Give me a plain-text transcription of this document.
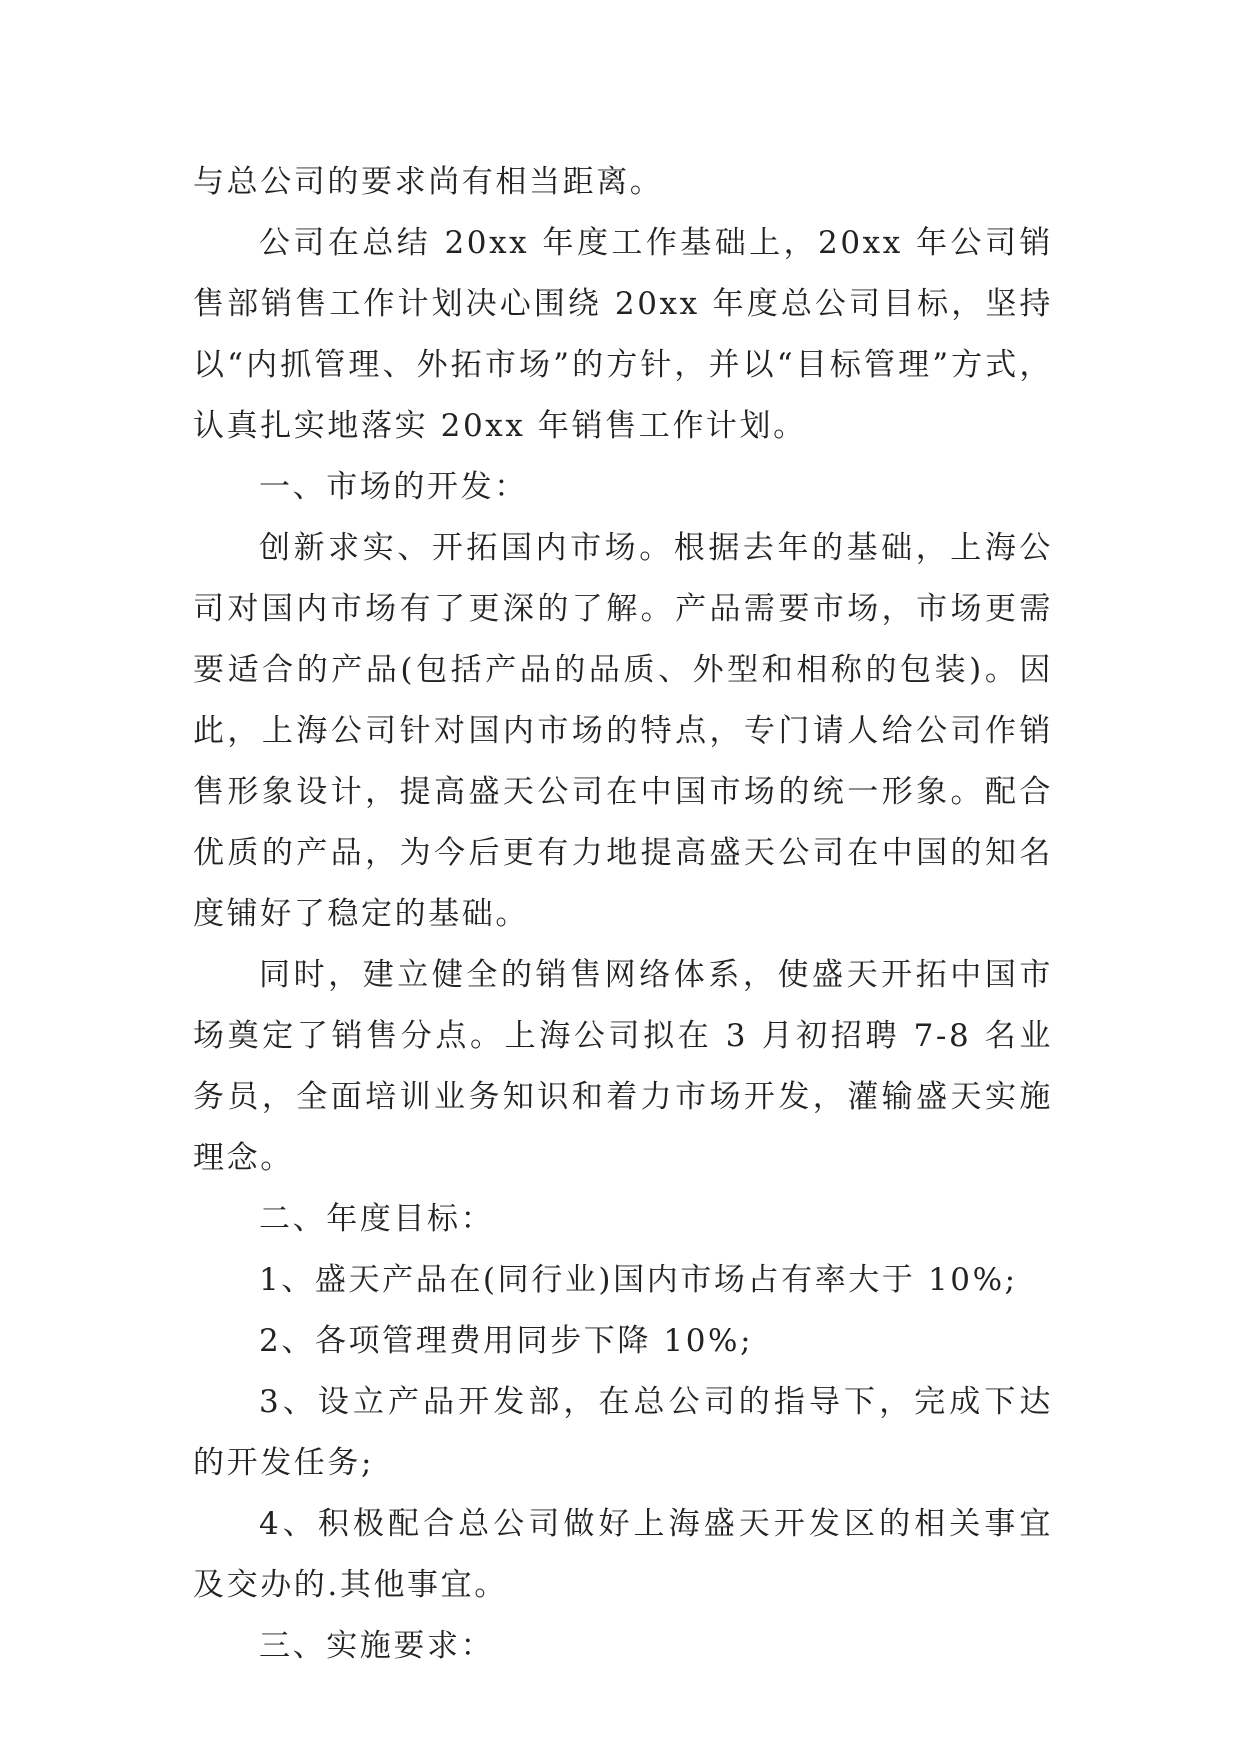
与总公司的要求尚有相当距离。

公司在总结 20xx 年度工作基础上，20xx 年公司销售部销售工作计划决心围绕 20xx 年度总公司目标，坚持以“内抓管理、外拓市场”的方针，并以“目标管理”方式，认真扎实地落实 20xx 年销售工作计划。

一、市场的开发：

创新求实、开拓国内市场。根据去年的基础，上海公司对国内市场有了更深的了解。产品需要市场，市场更需要适合的产品(包括产品的品质、外型和相称的包装)。因此，上海公司针对国内市场的特点，专门请人给公司作销售形象设计，提高盛天公司在中国市场的统一形象。配合优质的产品，为今后更有力地提高盛天公司在中国的知名度铺好了稳定的基础。

同时，建立健全的销售网络体系，使盛天开拓中国市场奠定了销售分点。上海公司拟在 3 月初招聘 7-8 名业务员，全面培训业务知识和着力市场开发，灌输盛天实施理念。

二、年度目标：

1、盛天产品在(同行业)国内市场占有率大于 10%;

2、各项管理费用同步下降 10%;

3、设立产品开发部，在总公司的指导下，完成下达的开发任务;

4、积极配合总公司做好上海盛天开发区的相关事宜及交办的.其他事宜。

三、实施要求：
